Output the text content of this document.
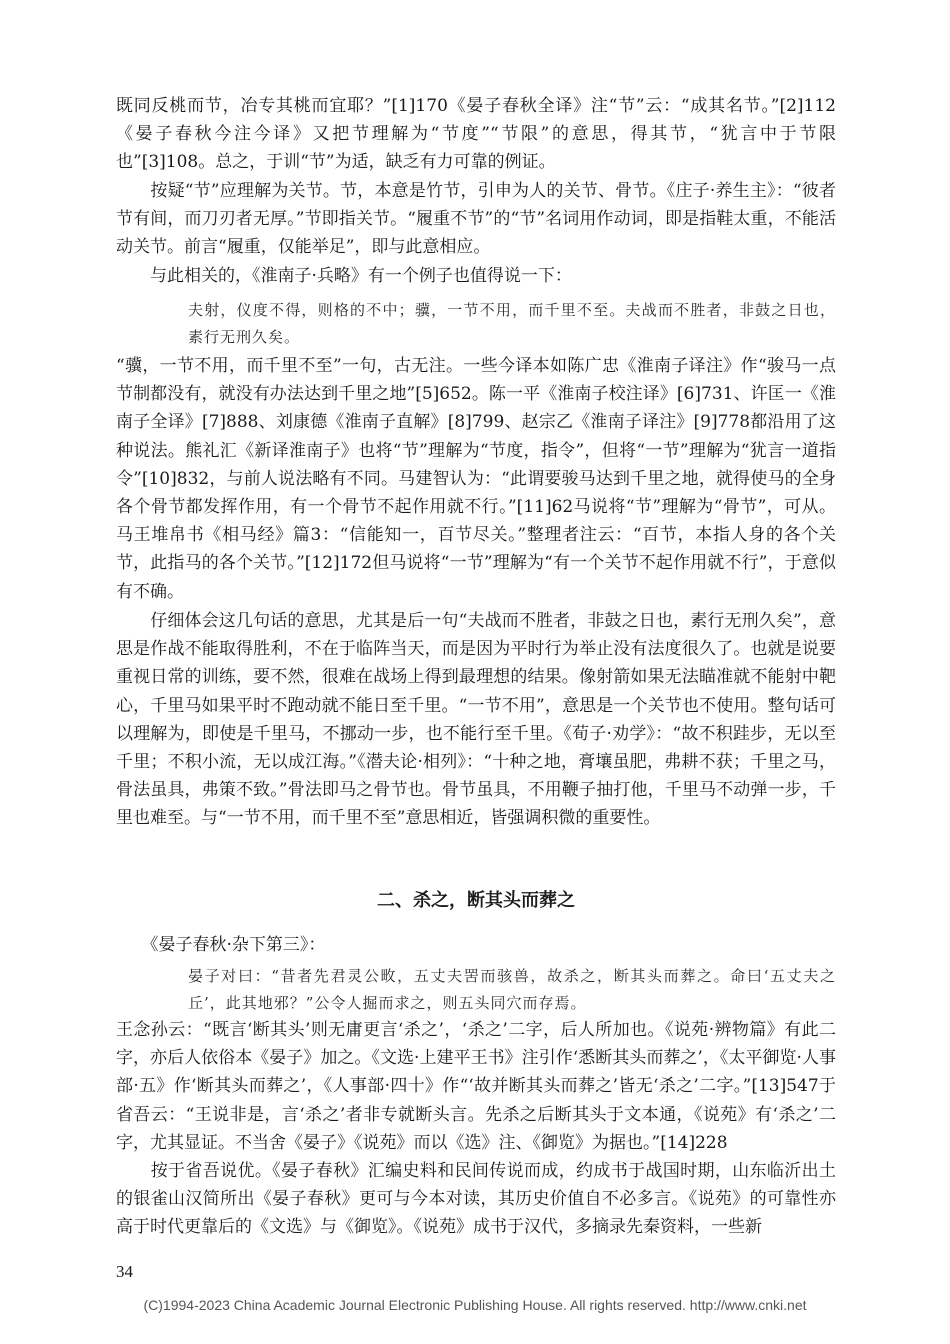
既同反桃而节，冶专其桃而宜耶？”[1]170《晏子春秋全译》注“节”云：“成其名节。”[2]112《晏子春秋今注今译》又把节理解为“节度”“节限”的意思，得其节，“犹言中于节限也”[3]108。总之，于训“节”为适，缺乏有力可靠的例证。

　　按疑“节”应理解为关节。节，本意是竹节，引申为人的关节、骨节。《庄子·养生主》：“彼者节有间，而刀刃者无厚。”节即指关节。“履重不节”的“节”名词用作动词，即是指鞋太重，不能活动关节。前言“履重，仅能举足”，即与此意相应。

　　与此相关的，《淮南子·兵略》有一个例子也值得说一下：

夫射，仪度不得，则格的不中；骥，一节不用，而千里不至。夫战而不胜者，非鼓之日也，素行无刑久矣。

“骥，一节不用，而千里不至”一句，古无注。一些今译本如陈广忠《淮南子译注》作“骏马一点节制都没有，就没有办法达到千里之地”[5]652。陈一平《淮南子校注译》[6]731、许匡一《淮南子全译》[7]888、刘康德《淮南子直解》[8]799、赵宗乙《淮南子译注》[9]778都沿用了这种说法。熊礼汇《新译淮南子》也将“节”理解为“节度，指令”，但将“一节”理解为“犹言一道指令”[10]832，与前人说法略有不同。马建智认为：“此谓要骏马达到千里之地，就得使马的全身各个骨节都发挥作用，有一个骨节不起作用就不行。”[11]62马说将“节”理解为“骨节”，可从。马王堆帛书《相马经》篇3：“信能知一，百节尽关。”整理者注云：“百节，本指人身的各个关节，此指马的各个关节。”[12]172但马说将“一节”理解为“有一个关节不起作用就不行”，于意似有不确。

　　仔细体会这几句话的意思，尤其是后一句“夫战而不胜者，非鼓之日也，素行无刑久矣”，意思是作战不能取得胜利，不在于临阵当天，而是因为平时行为举止没有法度很久了。也就是说要重视日常的训练，要不然，很难在战场上得到最理想的结果。像射箭如果无法瞄准就不能射中靶心，千里马如果平时不跑动就不能日至千里。“一节不用”，意思是一个关节也不使用。整句话可以理解为，即使是千里马，不挪动一步，也不能行至千里。《荀子·劝学》：“故不积跬步，无以至千里；不积小流，无以成江海。”《潜夫论·相列》：“十种之地，膏壤虽肥，弗耕不获；千里之马，骨法虽具，弗策不致。”骨法即马之骨节也。骨节虽具，不用鞭子抽打他，千里马不动弹一步，千里也难至。与“一节不用，而千里不至”意思相近，皆强调积微的重要性。

二、杀之，断其头而葬之

　　《晏子春秋·杂下第三》：

晏子对曰：“昔者先君灵公畋，五丈夫罟而骇兽，故杀之，断其头而葬之。命曰‘五丈夫之丘’，此其地邪？”公令人掘而求之，则五头同穴而存焉。

王念孙云：“既言‘断其头’则无庸更言‘杀之’，‘杀之’二字，后人所加也。《说苑·辨物篇》有此二字，亦后人依俗本《晏子》加之。《文选·上建平王书》注引作‘悉断其头而葬之’，《太平御览·人事部·五》作‘断其头而葬之’，《人事部·四十》作“‘故并断其头而葬之’皆无‘杀之’二字。”[13]547于省吾云：“王说非是，言‘杀之’者非专就断头言。先杀之后断其头于文本通，《说苑》有‘杀之’二字，尤其显证。不当舍《晏子》《说苑》而以《选》注、《御览》为据也。”[14]228

　　按于省吾说优。《晏子春秋》汇编史料和民间传说而成，约成书于战国时期，山东临沂出土的银雀山汉简所出《晏子春秋》更可与今本对读，其历史价值自不必多言。《说苑》的可靠性亦高于时代更靠后的《文选》与《御览》。《说苑》成书于汉代，多摘录先秦资料，一些新

34
(C)1994-2023 China Academic Journal Electronic Publishing House. All rights reserved. http://www.cnki.net
